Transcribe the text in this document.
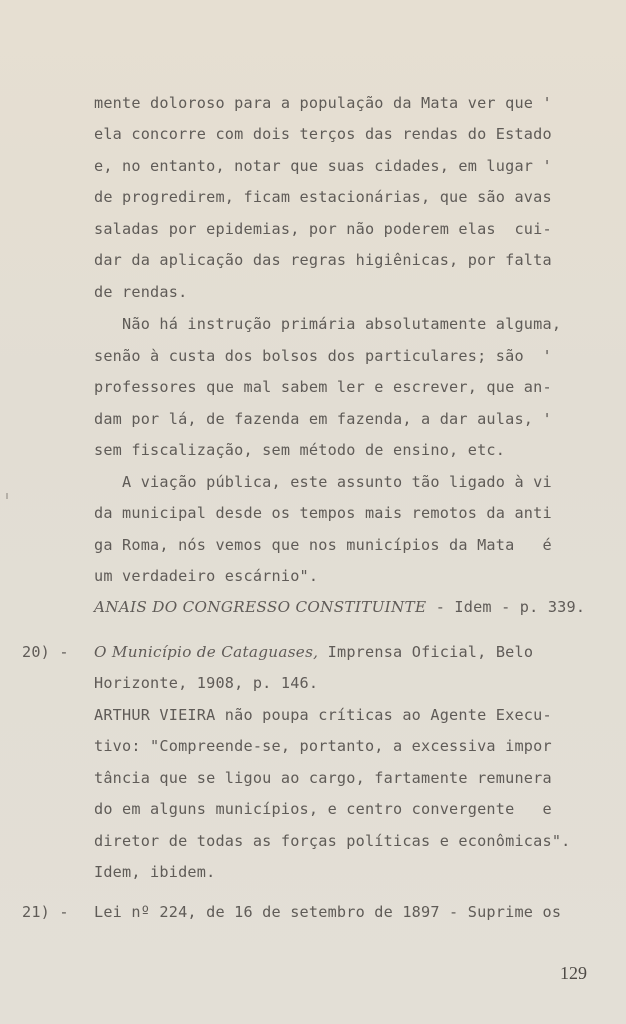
mente doloroso para a população da Mata ver que '
ela concorre com dois terços das rendas do Estado
e, no entanto, notar que suas cidades, em lugar '
de progredirem, ficam estacionárias, que são avas
saladas por epidemias, por não poderem elas  cui-
dar da aplicação das regras higiênicas, por falta
de rendas.
Não há instrução primária absolutamente alguma,
senão à custa dos bolsos dos particulares; são  '
professores que mal sabem ler e escrever, que an-
dam por lá, de fazenda em fazenda, a dar aulas, '
sem fiscalização, sem método de ensino, etc.
A viação pública, este assunto tão ligado à vi
da municipal desde os tempos mais remotos da anti
ga Roma, nós vemos que nos municípios da Mata   é
um verdadeiro escárnio".
ANAIS DO CONGRESSO CONSTITUINTE - Idem - p. 339.
20) - O Município de Cataguases, Imprensa Oficial, Belo
Horizonte, 1908, p. 146.
ARTHUR VIEIRA não poupa críticas ao Agente Execu-
tivo: "Compreende-se, portanto, a excessiva impor
tância que se ligou ao cargo, fartamente remunera
do em alguns municípios, e centro convergente   e
diretor de todas as forças políticas e econômicas".
Idem, ibidem.
21) - Lei nº 224, de 16 de setembro de 1897 - Suprime os
129
